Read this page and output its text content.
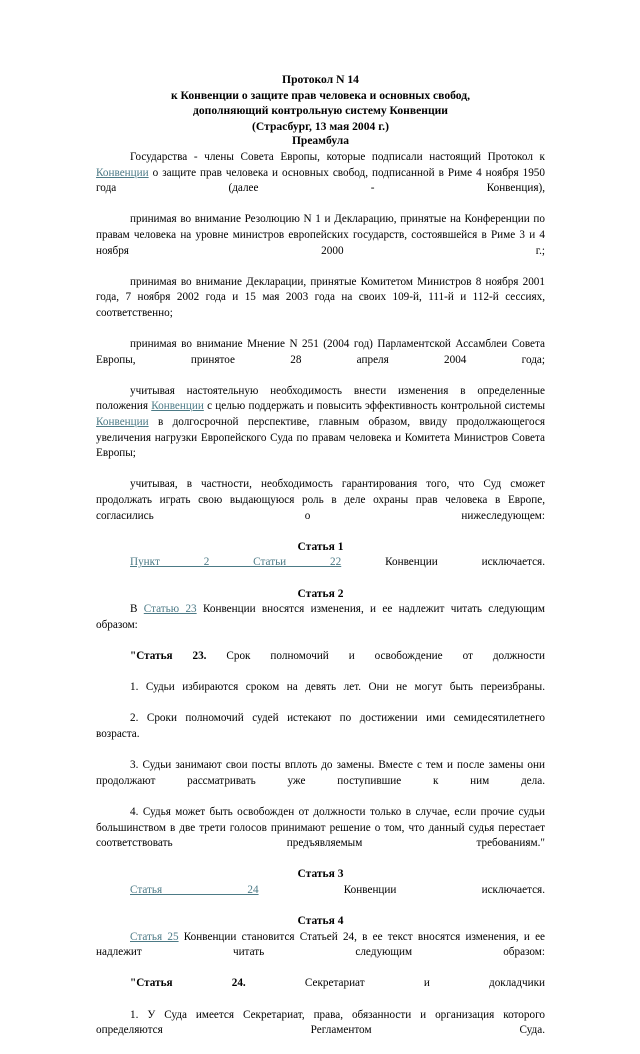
Протокол N 14
к Конвенции о защите прав человека и основных свобод,
дополняющий контрольную систему Конвенции
(Страсбург, 13 мая 2004 г.)
Преамбула

Государства - члены Совета Европы, которые подписали настоящий Протокол к Конвенции о защите прав человека и основных свобод, подписанной в Риме 4 ноября 1950 года (далее - Конвенция),

принимая во внимание Резолюцию N 1 и Декларацию, принятые на Конференции по правам человека на уровне министров европейских государств, состоявшейся в Риме 3 и 4 ноября 2000 г.;

принимая во внимание Декларации, принятые Комитетом Министров 8 ноября 2001 года, 7 ноября 2002 года и 15 мая 2003 года на своих 109-й, 111-й и 112-й сессиях, соответственно;

принимая во внимание Мнение N 251 (2004 год) Парламентской Ассамблеи Совета Европы, принятое 28 апреля 2004 года;

учитывая настоятельную необходимость внести изменения в определенные положения Конвенции с целью поддержать и повысить эффективность контрольной системы Конвенции в долгосрочной перспективе, главным образом, ввиду продолжающегося увеличения нагрузки Европейского Суда по правам человека и Комитета Министров Совета Европы;

учитывая, в частности, необходимость гарантирования того, что Суд сможет продолжать играть свою выдающуюся роль в деле охраны прав человека в Европе, согласились о нижеследующем:

Статья 1

Пункт 2 Статьи 22 Конвенции исключается.

Статья 2

В Статью 23 Конвенции вносятся изменения, и ее надлежит читать следующим образом:

"Статья 23. Срок полномочий и освобождение от должности

1. Судьи избираются сроком на девять лет. Они не могут быть переизбраны.

2. Сроки полномочий судей истекают по достижении ими семидесятилетнего возраста.

3. Судьи занимают свои посты вплоть до замены. Вместе с тем и после замены они продолжают рассматривать уже поступившие к ним дела.

4. Судья может быть освобожден от должности только в случае, если прочие судьи большинством в две трети голосов принимают решение о том, что данный судья перестает соответствовать предъявляемым требованиям."

Статья 3

Статья 24 Конвенции исключается.

Статья 4

Статья 25 Конвенции становится Статьей 24, в ее текст вносятся изменения, и ее надлежит читать следующим образом:

"Статья 24. Секретариат и докладчики

1. У Суда имеется Секретариат, права, обязанности и организация которого определяются Регламентом Суда.
